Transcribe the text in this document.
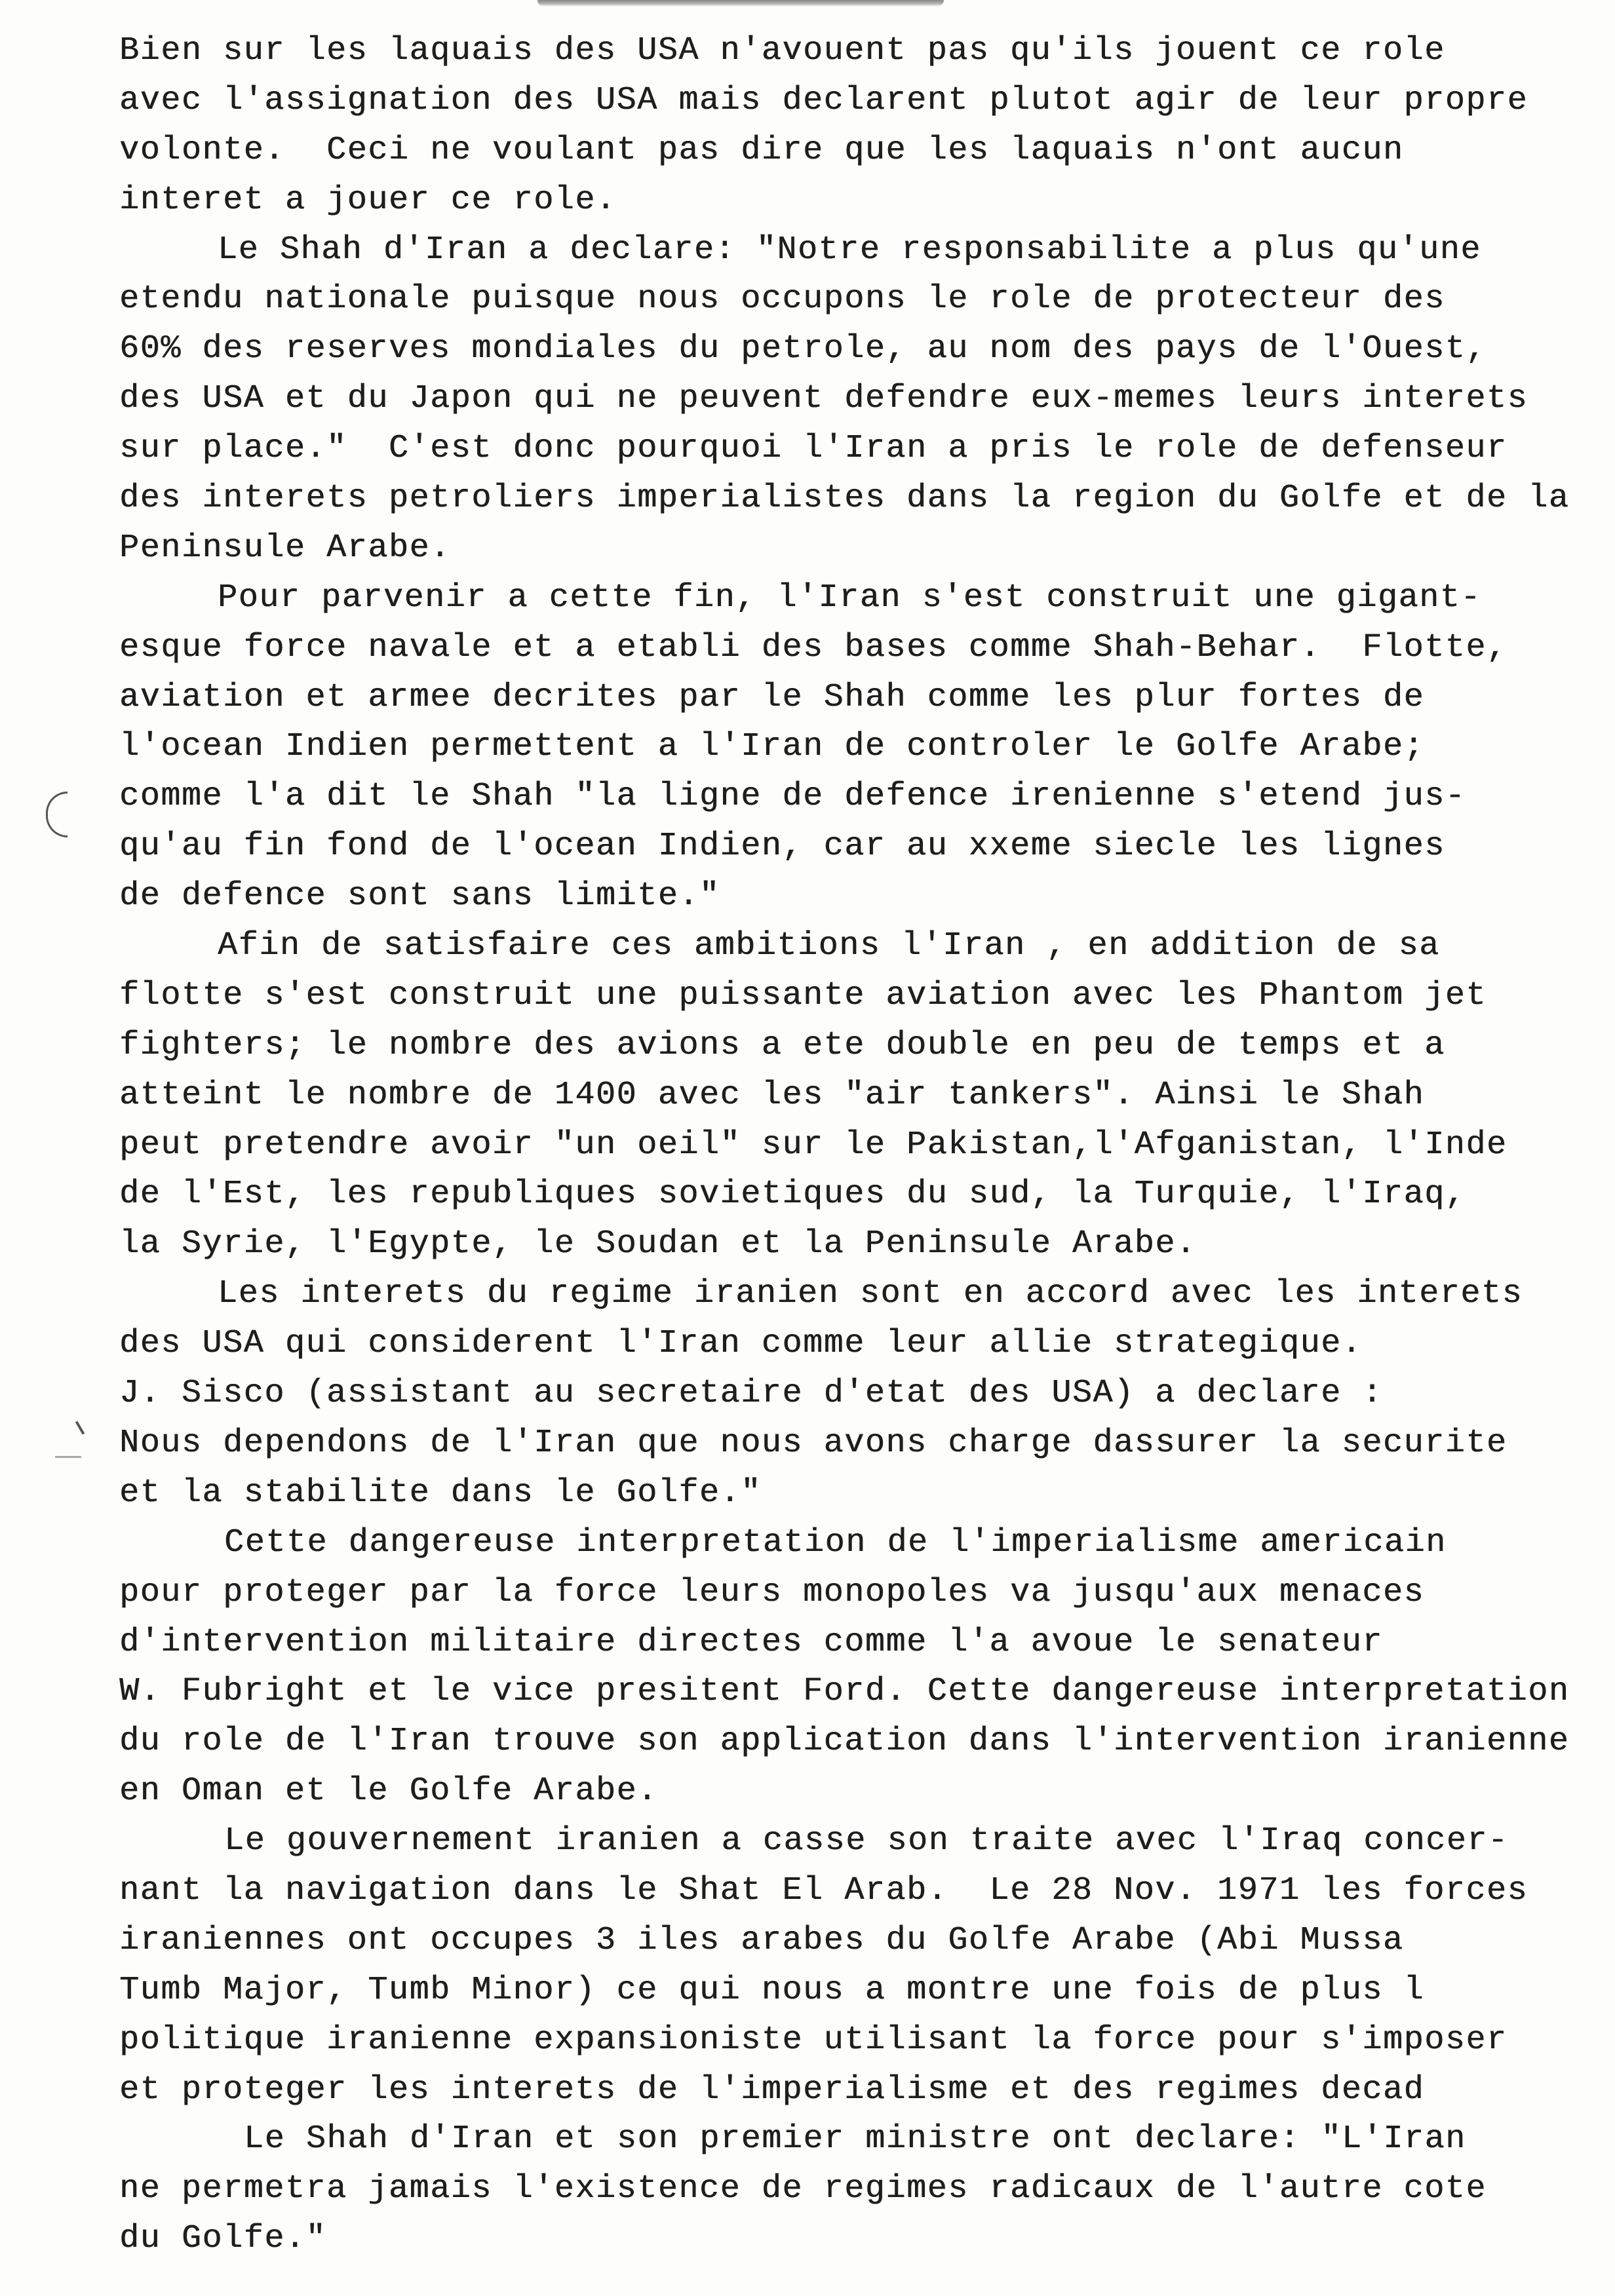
Bien sur les laquais des USA n'avouent pas qu'ils jouent ce role
avec l'assignation des USA mais declarent plutot agir de leur propre
volonte.  Ceci ne voulant pas dire que les laquais n'ont aucun
interet a jouer ce role.
Le Shah d'Iran a declare: "Notre responsabilite a plus qu'une
etendu nationale puisque nous occupons le role de protecteur des
60% des reserves mondiales du petrole, au nom des pays de l'Ouest,
des USA et du Japon qui ne peuvent defendre eux-memes leurs interets
sur place."  C'est donc pourquoi l'Iran a pris le role de defenseur
des interets petroliers imperialistes dans la region du Golfe et de la
Peninsule Arabe.
Pour parvenir a cette fin, l'Iran s'est construit une gigant-
esque force navale et a etabli des bases comme Shah-Behar.  Flotte,
aviation et armee decrites par le Shah comme les plur fortes de
l'ocean Indien permettent a l'Iran de controler le Golfe Arabe;
comme l'a dit le Shah "la ligne de defence irenienne s'etend jus-
qu'au fin fond de l'ocean Indien, car au xxeme siecle les lignes
de defence sont sans limite."
Afin de satisfaire ces ambitions l'Iran , en addition de sa
flotte s'est construit une puissante aviation avec les Phantom jet
fighters; le nombre des avions a ete double en peu de temps et a
atteint le nombre de 1400 avec les "air tankers". Ainsi le Shah
peut pretendre avoir "un oeil" sur le Pakistan,l'Afganistan, l'Inde
de l'Est, les republiques sovietiques du sud, la Turquie, l'Iraq,
la Syrie, l'Egypte, le Soudan et la Peninsule Arabe.
Les interets du regime iranien sont en accord avec les interets
des USA qui considerent l'Iran comme leur allie strategique.
J. Sisco (assistant au secretaire d'etat des USA) a declare :
Nous dependons de l'Iran que nous avons charge dassurer la securite
et la stabilite dans le Golfe."
Cette dangereuse interpretation de l'imperialisme americain
pour proteger par la force leurs monopoles va jusqu'aux menaces
d'intervention militaire directes comme l'a avoue le senateur
W. Fubright et le vice presitent Ford. Cette dangereuse interpretation
du role de l'Iran trouve son application dans l'intervention iranienne
en Oman et le Golfe Arabe.
Le gouvernement iranien a casse son traite avec l'Iraq concer-
nant la navigation dans le Shat El Arab.  Le 28 Nov. 1971 les forces
iraniennes ont occupes 3 iles arabes du Golfe Arabe (Abi Mussa
Tumb Major, Tumb Minor) ce qui nous a montre une fois de plus l
politique iranienne expansioniste utilisant la force pour s'imposer
et proteger les interets de l'imperialisme et des regimes decad
Le Shah d'Iran et son premier ministre ont declare: "L'Iran
ne permetra jamais l'existence de regimes radicaux de l'autre cote
du Golfe."
